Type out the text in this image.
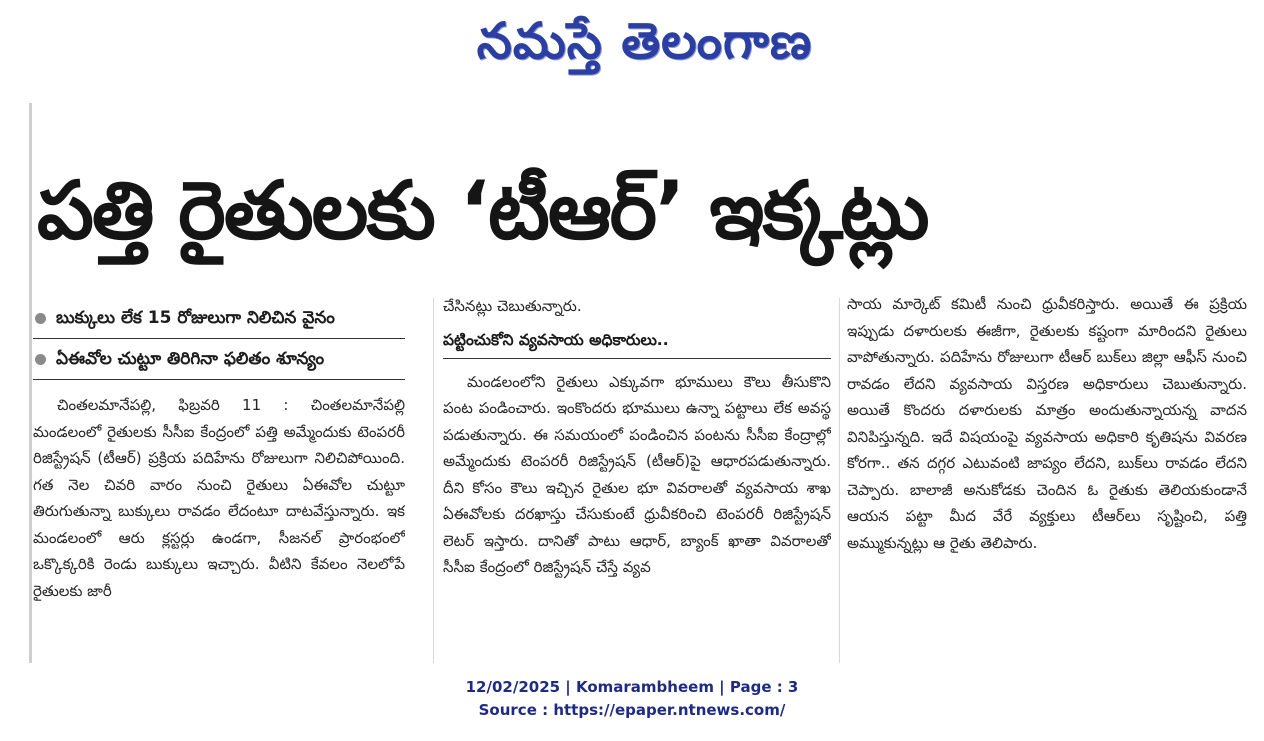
నమస్తే తెలంగాణ
పత్తి రైతులకు ‘టీఆర్’ ఇక్కట్లు
బుక్కులు లేక 15 రోజులుగా నిలిచిన వైనం
ఏఈవోల చుట్టూ తిరిగినా ఫలితం శూన్యం

చింతలమానేపల్లి, ఫిబ్రవరి 11 : చింతలమానేపల్లి మండలంలో రైతులకు సీసీఐ కేంద్రంలో పత్తి అమ్మేందుకు టెంపరరీ రిజిస్ట్రేషన్ (టీఆర్) ప్రక్రియ పదిహేను రోజులుగా నిలిచిపోయింది. గత నెల చివరి వారం నుంచి రైతులు ఏఈవోల చుట్టూ తిరుగుతున్నా బుక్కులు రావడం లేదంటూ దాటవేస్తున్నారు. ఇక మండలంలో ఆరు క్లస్టర్లు ఉండగా, సీజనల్ ప్రారంభంలో ఒక్కొక్కరికి రెండు బుక్కులు ఇచ్చారు. వీటిని కేవలం నెలలోపే రైతులకు జారీ

చేసినట్లు చెబుతున్నారు.

పట్టించుకోని వ్యవసాయ అధికారులు..

మండలంలోని రైతులు ఎక్కువగా భూములు కౌలు తీసుకొని పంట పండించారు. ఇంకొందరు భూములు ఉన్నా పట్టాలు లేక అవస్థ పడుతున్నారు. ఈ సమయంలో పండించిన పంటను సీసీఐ కేంద్రాల్లో అమ్మేందుకు టెంపరరీ రిజిస్ట్రేషన్ (టీఆర్)పై ఆధారపడుతున్నారు. దీని కోసం కౌలు ఇచ్చిన రైతుల భూ వివరాలతో వ్యవసాయ శాఖ ఏఈవోలకు దరఖాస్తు చేసుకుంటే ధ్రువీకరించి టెంపరరీ రిజిస్ట్రేషన్ లెటర్ ఇస్తారు. దానితో పాటు ఆధార్, బ్యాంక్ ఖాతా వివరాలతో సీసీఐ కేంద్రంలో రిజిస్ట్రేషన్ చేస్తే వ్యవ

సాయ మార్కెట్ కమిటీ నుంచి ధ్రువీకరిస్తారు. అయితే ఈ ప్రక్రియ ఇప్పుడు దళారులకు ఈజీగా, రైతులకు కష్టంగా మారిందని రైతులు వాపోతున్నారు. పదిహేను రోజులుగా టీఆర్ బుక్‌లు జిల్లా ఆఫీస్ నుంచి రావడం లేదని వ్యవసాయ విస్తరణ అధికారులు చెబుతున్నారు. అయితే కొందరు దళారులకు మాత్రం అందుతున్నాయన్న వాదన వినిపిస్తున్నది. ఇదే విషయంపై వ్యవసాయ అధికారి కృతిషను వివరణ కోరగా.. తన దగ్గర ఎటువంటి జాప్యం లేదని, బుక్‌లు రావడం లేదని చెప్పారు. బాలాజీ అనుకోడకు చెందిన ఓ రైతుకు తెలియకుండానే ఆయన పట్టా మీద వేరే వ్యక్తులు టీఆర్‌లు సృష్టించి, పత్తి అమ్ముకున్నట్లు ఆ రైతు తెలిపారు.

12/02/2025 | Komarambheem | Page : 3
Source : https://epaper.ntnews.com/
